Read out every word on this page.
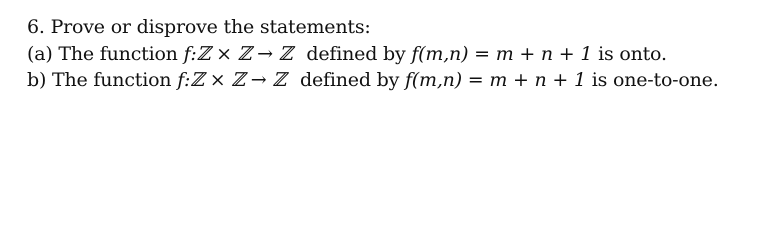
6. Prove or disprove the statements:
(a) The function f:ℤ × ℤ → ℤ defined by f(m,n) = m + n + 1 is onto.
b) The function f:ℤ × ℤ → ℤ defined by f(m,n) = m + n + 1 is one-to-one.
